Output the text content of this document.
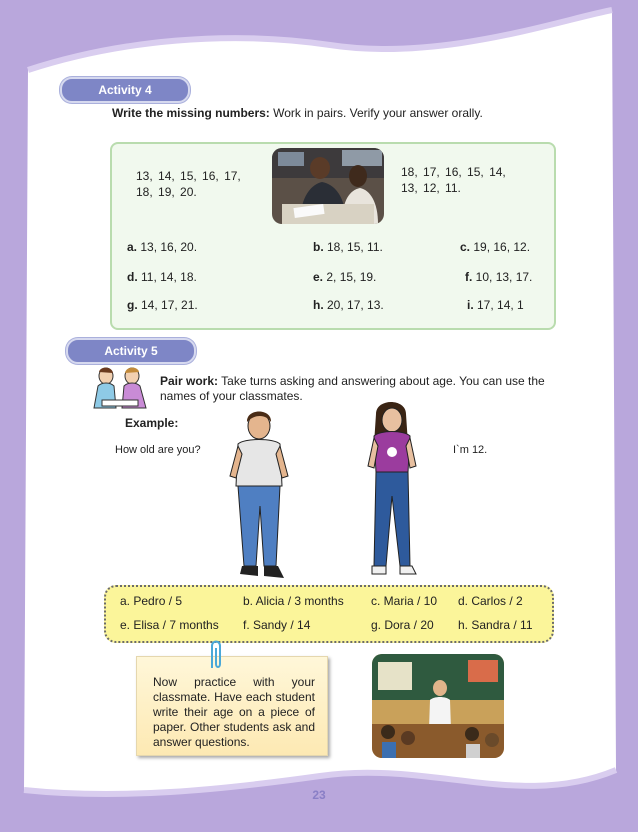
Activity 4
Write the missing numbers: Work in pairs. Verify your answer orally.
13, 14, 15, 16, 17, 18, 19, 20.
18, 17, 16, 15, 14, 13, 12, 11.
a. 13, 16, 20.	b. 18, 15, 11.	c. 19, 16, 12.
d. 11, 14, 18.	e. 2, 15, 19.	f. 10, 13, 17.
g. 14, 17, 21.	h. 20, 17, 13.	i. 17, 14, 1
Activity 5
Pair work: Take turns asking and answering about age. You can use the names of your classmates.
Example:
How old are you?	I`m 12.
a. Pedro / 5	b. Alicia / 3 months c. Maria / 10 d. Carlos / 2
e. Elisa / 7 months f. Sandy / 14	g. Dora / 20 h. Sandra / 11
Now practice with your classmate. Have each student write their age on a piece of paper. Other students ask and answer questions.
23
